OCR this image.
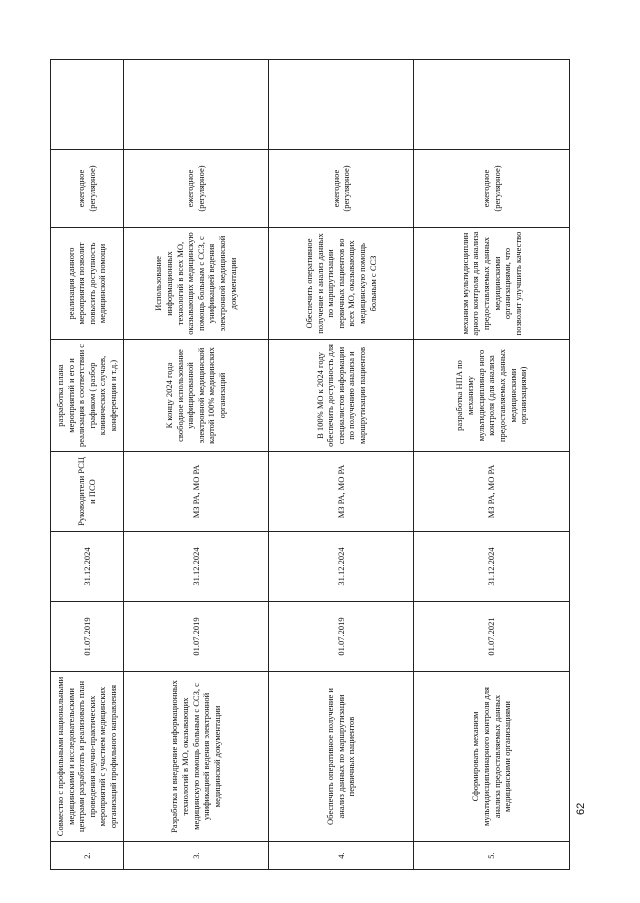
2.	Совместно с профильными национальными медицинскими и исследовательскими центрами разработать и реализовать план проведения научно-практических мероприятий с участием медицинских организаций профильного направления	01.07.2019	31.12.2024	Руководители РСЦ и ПСО	разработка плана мероприятий и его и реализация в соответствии с графиком ( разбор клинических случаев, конференции и т.д.)	реализация данного мероприятия позволит повысить доступность медицинской помощи	ежегодное (регулярное)	
3.	Разработка и внедрение информационных технологий в МО, оказывающих медицинскую помощь больным с ССЗ, с унификацией ведения электронной медицинской документации	01.07.2019	31.12.2024	МЗ РА, МО РА	К концу 2024 года свободное использование унифицированной электронной медицинской картой 100% медицинских организаций	Использование информационных технологий в всех МО, оказывающих медицинскую помощь больным с ССЗ, с унификацией ведения электронной медицинской документации	ежегодное (регулярное)	
4.	Обеспечить оперативное получение и анализ данных по маршрутизации первичных пациентов	01.07.2019	31.12.2024	МЗ РА, МО РА	В 100% МО к 2024 году обеспечить доступность для специалистов информации по получению анализа и маршрутизации пациентов	Обеспечить оперативное получение и анализ данных по маршрутизации первичных пациентов во всех МО, оказывающих медицинскую помощь больным с ССЗ	ежегодное (регулярное)	
5.	Сформировать механизм мультидисциплинарного контроля для анализа предоставляемых данных медицинскими организациями	01.07.2021	31.12.2024	МЗ РА, МО РА	разработка НПА по механизму мультидисциплинар ного контроля (для анализа предоставляемых данных медицинскими организациями)	механизм мультидисциплин арного контроля для анализа предоставляемых данных медицинскими организациями, что позволит улучшить качество	ежегодное (регулярное)	
62
